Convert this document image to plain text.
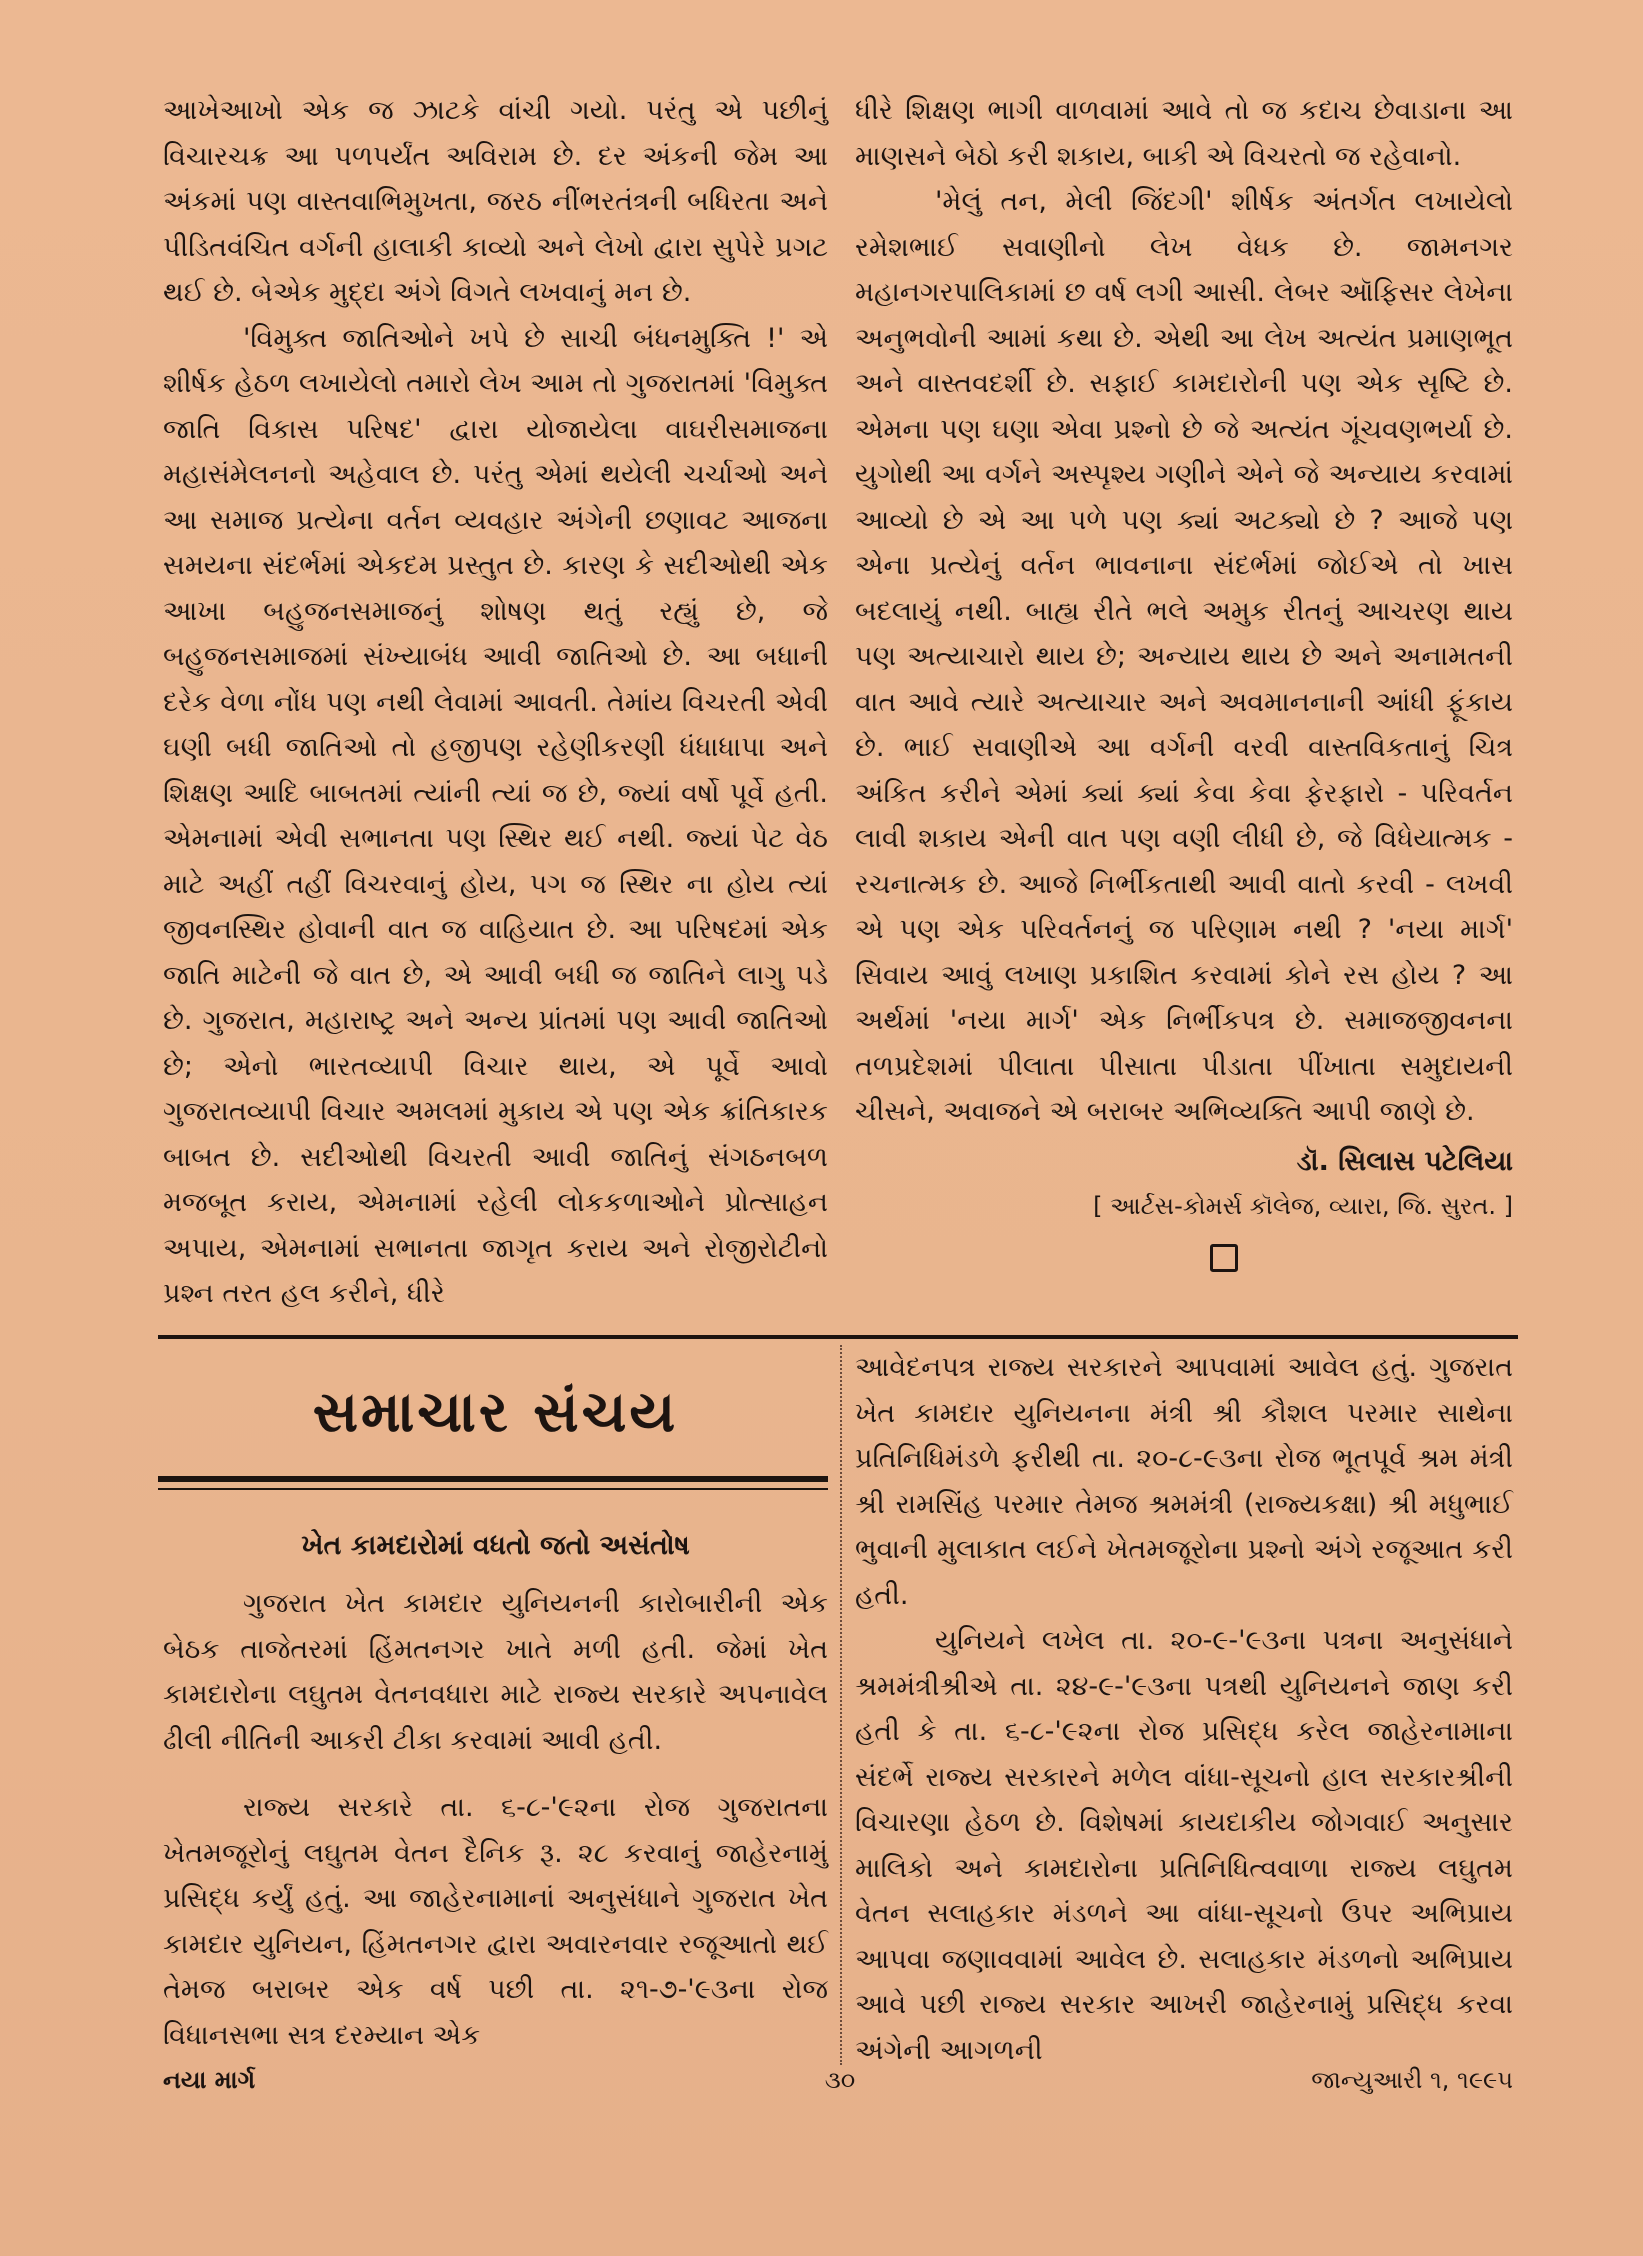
આખેઆખો એક જ ઝાટકે વાંચી ગયો. પરંતુ એ પછીનું વિચારચક્ર આ પળપર્યંત અવિરામ છે. દર અંકની જેમ આ અંકમાં પણ વાસ્તવાભિમુખતા, જરઠ નીંભરતંત્રની બધિરતા અને પીડિતવંચિત વર્ગની હાલાકી કાવ્યો અને લેખો દ્વારા સુપેરે પ્રગટ થઈ છે. બેએક મુદ્દા અંગે વિગતે લખવાનું મન છે.

'વિમુક્ત જાતિઓને ખપે છે સાચી બંધનમુક્તિ !' એ શીર્ષક હેઠળ લખાયેલો તમારો લેખ આમ તો ગુજરાતમાં 'વિમુક્ત જાતિ વિકાસ પરિષદ' દ્વારા યોજાયેલા વાઘરીસમાજના મહાસંમેલનનો અહેવાલ છે. પરંતુ એમાં થયેલી ચર્ચાઓ અને આ સમાજ પ્રત્યેના વર્તન વ્યવહાર અંગેની છણાવટ આજના સમયના સંદર્ભમાં એકદમ પ્રસ્તુત છે. કારણ કે સદીઓથી એક આખા બહુજનસમાજનું શોષણ થતું રહ્યું છે, જે બહુજનસમાજમાં સંખ્યાબંધ આવી જાતિઓ છે. આ બધાની દરેક વેળા નોંધ પણ નથી લેવામાં આવતી. તેમાંય વિચરતી એવી ઘણી બધી જાતિઓ તો હજીપણ રહેણીકરણી ધંધાધાપા અને શિક્ષણ આદિ બાબતમાં ત્યાંની ત્યાં જ છે, જ્યાં વર્ષો પૂર્વે હતી. એમનામાં એવી સભાનતા પણ સ્થિર થઈ નથી. જ્યાં પેટ વેઠ માટે અહીં તહીં વિચરવાનું હોય, પગ જ સ્થિર ના હોય ત્યાં જીવનસ્થિર હોવાની વાત જ વાહિયાત છે. આ પરિષદમાં એક જાતિ માટેની જે વાત છે, એ આવી બધી જ જાતિને લાગુ પડે છે. ગુજરાત, મહારાષ્ટ્ર અને અન્ય પ્રાંતમાં પણ આવી જાતિઓ છે; એનો ભારતવ્યાપી વિચાર થાય, એ પૂર્વે આવો ગુજરાતવ્યાપી વિચાર અમલમાં મુકાય એ પણ એક ક્રાંતિકારક બાબત છે. સદીઓથી વિચરતી આવી જાતિનું સંગઠનબળ મજબૂત કરાય, એમનામાં રહેલી લોકકળાઓને પ્રોત્સાહન અપાય, એમનામાં સભાનતા જાગૃત કરાય અને રોજીરોટીનો પ્રશ્ન તરત હલ કરીને, ધીરે

ધીરે શિક્ષણ ભાગી વાળવામાં આવે તો જ કદાચ છેવાડાના આ માણસને બેઠો કરી શકાય, બાકી એ વિચરતો જ રહેવાનો.

'મેલું તન, મેલી જિંદગી' શીર્ષક અંતર્ગત લખાયેલો રમેશભાઈ સવાણીનો લેખ વેધક છે. જામનગર મહાનગરપાલિકામાં છ વર્ષ લગી આસી. લેબર ઑફિસર લેખેના અનુભવોની આમાં કથા છે. એથી આ લેખ અત્યંત પ્રમાણભૂત અને વાસ્તવદર્શી છે. સફાઈ કામદારોની પણ એક સૃષ્ટિ છે. એમના પણ ઘણા એવા પ્રશ્નો છે જે અત્યંત ગૂંચવણભર્યા છે. યુગોથી આ વર્ગને અસ્પૃશ્ય ગણીને એને જે અન્યાય કરવામાં આવ્યો છે એ આ પળે પણ ક્યાં અટક્યો છે ? આજે પણ એના પ્રત્યેનું વર્તન ભાવનાના સંદર્ભમાં જોઈએ તો ખાસ બદલાયું નથી. બાહ્ય રીતે ભલે અમુક રીતનું આચરણ થાય પણ અત્યાચારો થાય છે; અન્યાય થાય છે અને અનામતની વાત આવે ત્યારે અત્યાચાર અને અવમાનનાની આંધી ફૂંકાય છે. ભાઈ સવાણીએ આ વર્ગની વરવી વાસ્તવિકતાનું ચિત્ર અંકિત કરીને એમાં ક્યાં ક્યાં કેવા કેવા ફેરફારો - પરિવર્તન લાવી શકાય એની વાત પણ વણી લીધી છે, જે વિધેયાત્મક - રચનાત્મક છે. આજે નિર્ભીકતાથી આવી વાતો કરવી - લખવી એ પણ એક પરિવર્તનનું જ પરિણામ નથી ? 'નયા માર્ગ' સિવાય આવું લખાણ પ્રકાશિત કરવામાં કોને રસ હોય ? આ અર્થમાં 'નયા માર્ગ' એક નિર્ભીકપત્ર છે. સમાજજીવનના તળપ્રદેશમાં પીલાતા પીસાતા પીડાતા પીંખાતા સમુદાયની ચીસને, અવાજને એ બરાબર અભિવ્યક્તિ આપી જાણે છે.

ડૉ. સિલાસ પટેલિયા

[ આર્ટસ-કોમર્સ કૉલેજ, વ્યારા, જિ. સુરત. ]

સમાચાર સંચય
ખેત કામદારોમાં વધતો જતો અસંતોષ

ગુજરાત ખેત કામદાર યુનિયનની કારોબારીની એક બેઠક તાજેતરમાં હિંમતનગર ખાતે મળી હતી. જેમાં ખેત કામદારોના લઘુતમ વેતનવધારા માટે રાજ્ય સરકારે અપનાવેલ ઢીલી નીતિની આકરી ટીકા કરવામાં આવી હતી.

રાજ્ય સરકારે તા. ૬-૮-'૯૨ના રોજ ગુજરાતના ખેતમજૂરોનું લઘુતમ વેતન દૈનિક રૂ. ૨૮ કરવાનું જાહેરનામું પ્રસિદ્ધ કર્યું હતું. આ જાહેરનામાનાં અનુસંધાને ગુજરાત ખેત કામદાર યુનિયન, હિંમતનગર દ્વારા અવારનવાર રજૂઆતો થઈ તેમજ બરાબર એક વર્ષ પછી તા. ૨૧-૭-'૯૩ના રોજ વિધાનસભા સત્ર દરમ્યાન એક

આવેદનપત્ર રાજ્ય સરકારને આપવામાં આવેલ હતું. ગુજરાત ખેત કામદાર યુનિયનના મંત્રી શ્રી કૌશલ પરમાર સાથેના પ્રતિનિધિમંડળે ફરીથી તા. ૨૦-૮-૯૩ના રોજ ભૂતપૂર્વ શ્રમ મંત્રી શ્રી રામસિંહ પરમાર તેમજ શ્રમમંત્રી (રાજ્યકક્ષા) શ્રી મધુભાઈ ભુવાની મુલાકાત લઈને ખેતમજૂરોના પ્રશ્નો અંગે રજૂઆત કરી હતી.

યુનિયને લખેલ તા. ૨૦-૯-'૯૩ના પત્રના અનુસંધાને શ્રમમંત્રીશ્રીએ તા. ૨૪-૯-'૯૩ના પત્રથી યુનિયનને જાણ કરી હતી કે તા. ૬-૮-'૯૨ના રોજ પ્રસિદ્ધ કરેલ જાહેરનામાના સંદર્ભે રાજ્ય સરકારને મળેલ વાંધા-સૂચનો હાલ સરકારશ્રીની વિચારણા હેઠળ છે. વિશેષમાં કાયદાકીય જોગવાઈ અનુસાર માલિકો અને કામદારોના પ્રતિનિધિત્વવાળા રાજ્ય લઘુતમ વેતન સલાહકાર મંડળને આ વાંધા-સૂચનો ઉપર અભિપ્રાય આપવા જણાવવામાં આવેલ છે. સલાહકાર મંડળનો અભિપ્રાય આવે પછી રાજ્ય સરકાર આખરી જાહેરનામું પ્રસિદ્ધ કરવા અંગેની આગળની

નયા માર્ગ	૩૦	જાન્યુઆરી ૧, ૧૯૯૫
